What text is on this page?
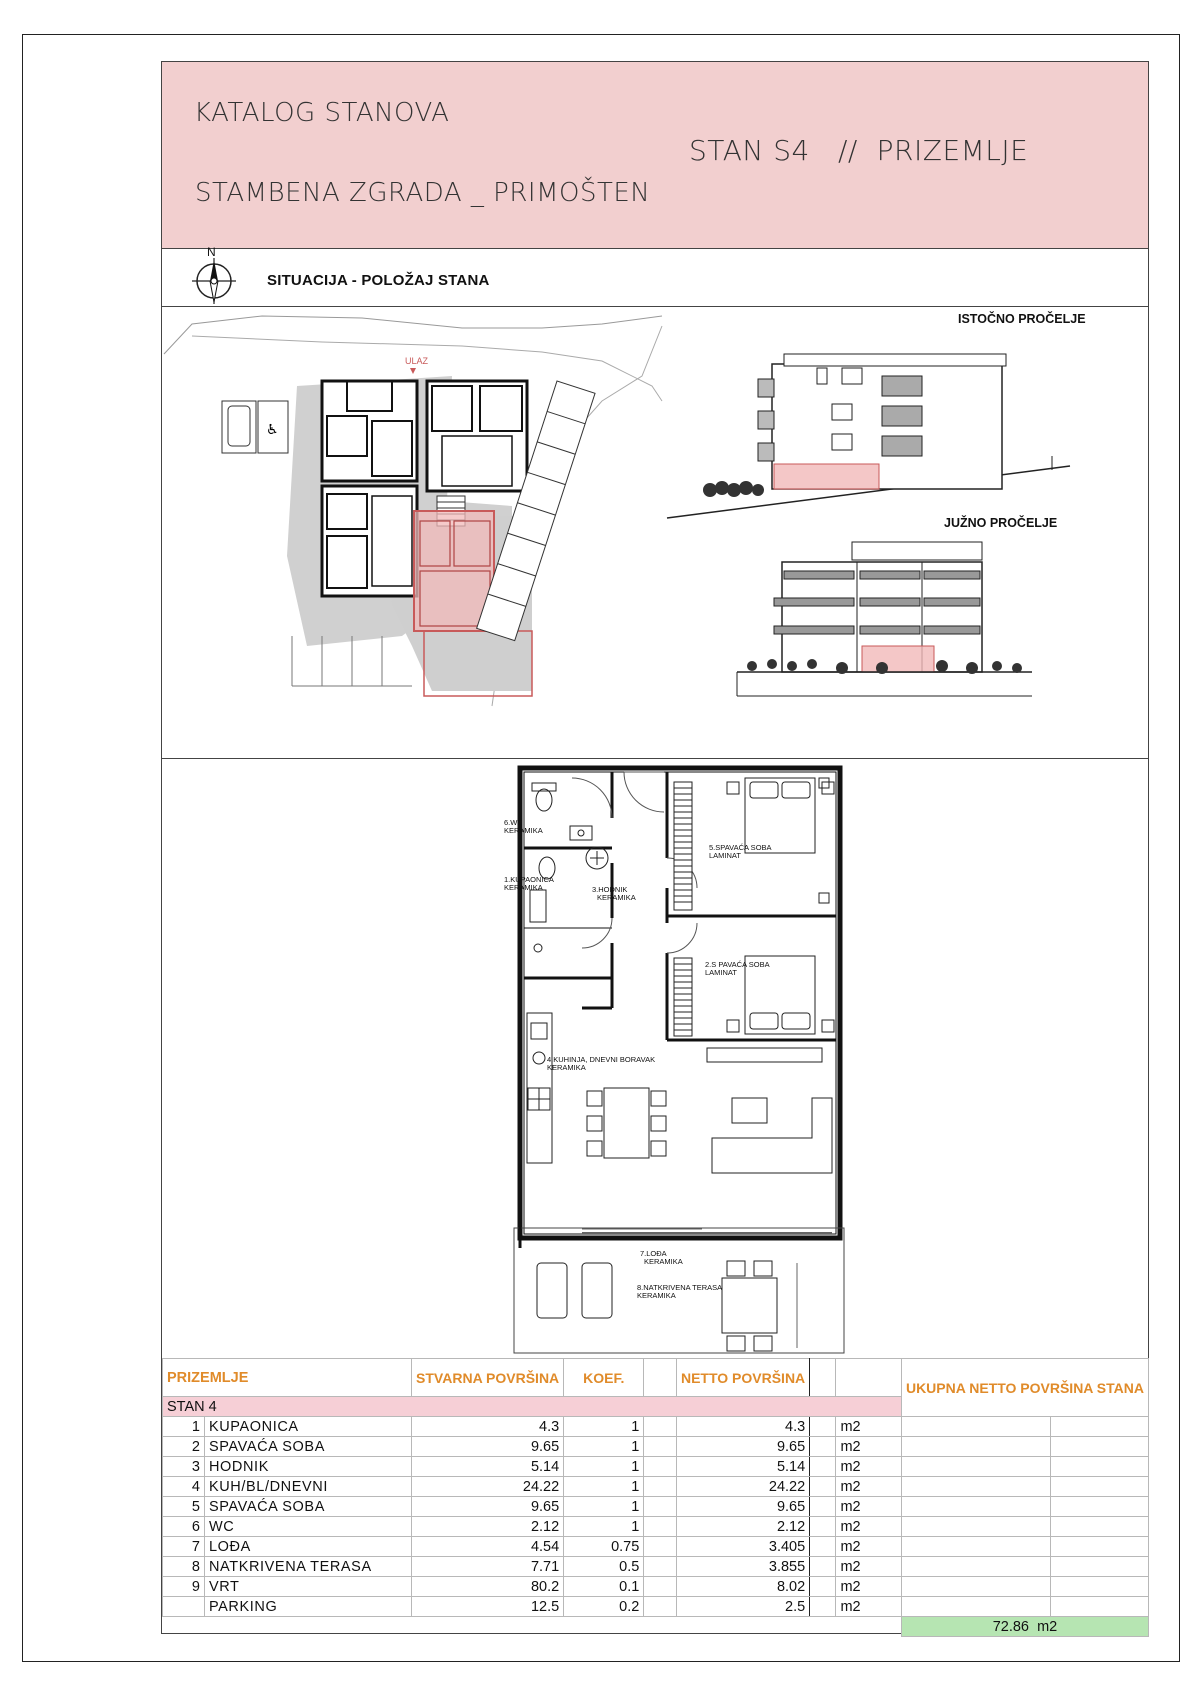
KATALOG STANOVA
STAMBENA ZGRADA _ PRIMOŠTEN
STAN S4   //  PRIZEMLJE
N
SITUACIJA - POLOŽAJ STANA
♿
ULAZ
ISTOČNO PROČELJE
JUŽNO PROČELJE
6.WC
KERAMIKA
1.KUPAONICA
KERAMIKA	3.HODNIK
KERAMIKA
5.SPAVAĆA SOBA
LAMINAT
2.S PAVAĆA SOBA
LAMINAT
4.KUHINJA, DNEVNI BORAVAK
KERAMIKA
7.LOĐA
KERAMIKA
8.NATKRIVENA TERASA
KERAMIKA
PRIZEMLJE		STVARNA POVRŠINA	KOEF.		NETTO POVRŠINA			UKUPNA NETTO POVRŠINA STANA	
STAN 4									
1	KUPAONICA	4.3	1		4.3		m2		
2	SPAVAĆA SOBA	9.65	1		9.65		m2		
3	HODNIK	5.14	1		5.14		m2		
4	KUH/BL/DNEVNI	24.22	1		24.22		m2		
5	SPAVAĆA SOBA	9.65	1		9.65		m2		
6	WC	2.12	1		2.12		m2		
7	LOĐA	4.54	0.75		3.405		m2		
8	NATKRIVENA TERASA	7.71	0.5		3.855		m2		
9	VRT	80.2	0.1		8.02		m2		
	PARKING	12.5	0.2		2.5		m2		
								72.86 m2	
